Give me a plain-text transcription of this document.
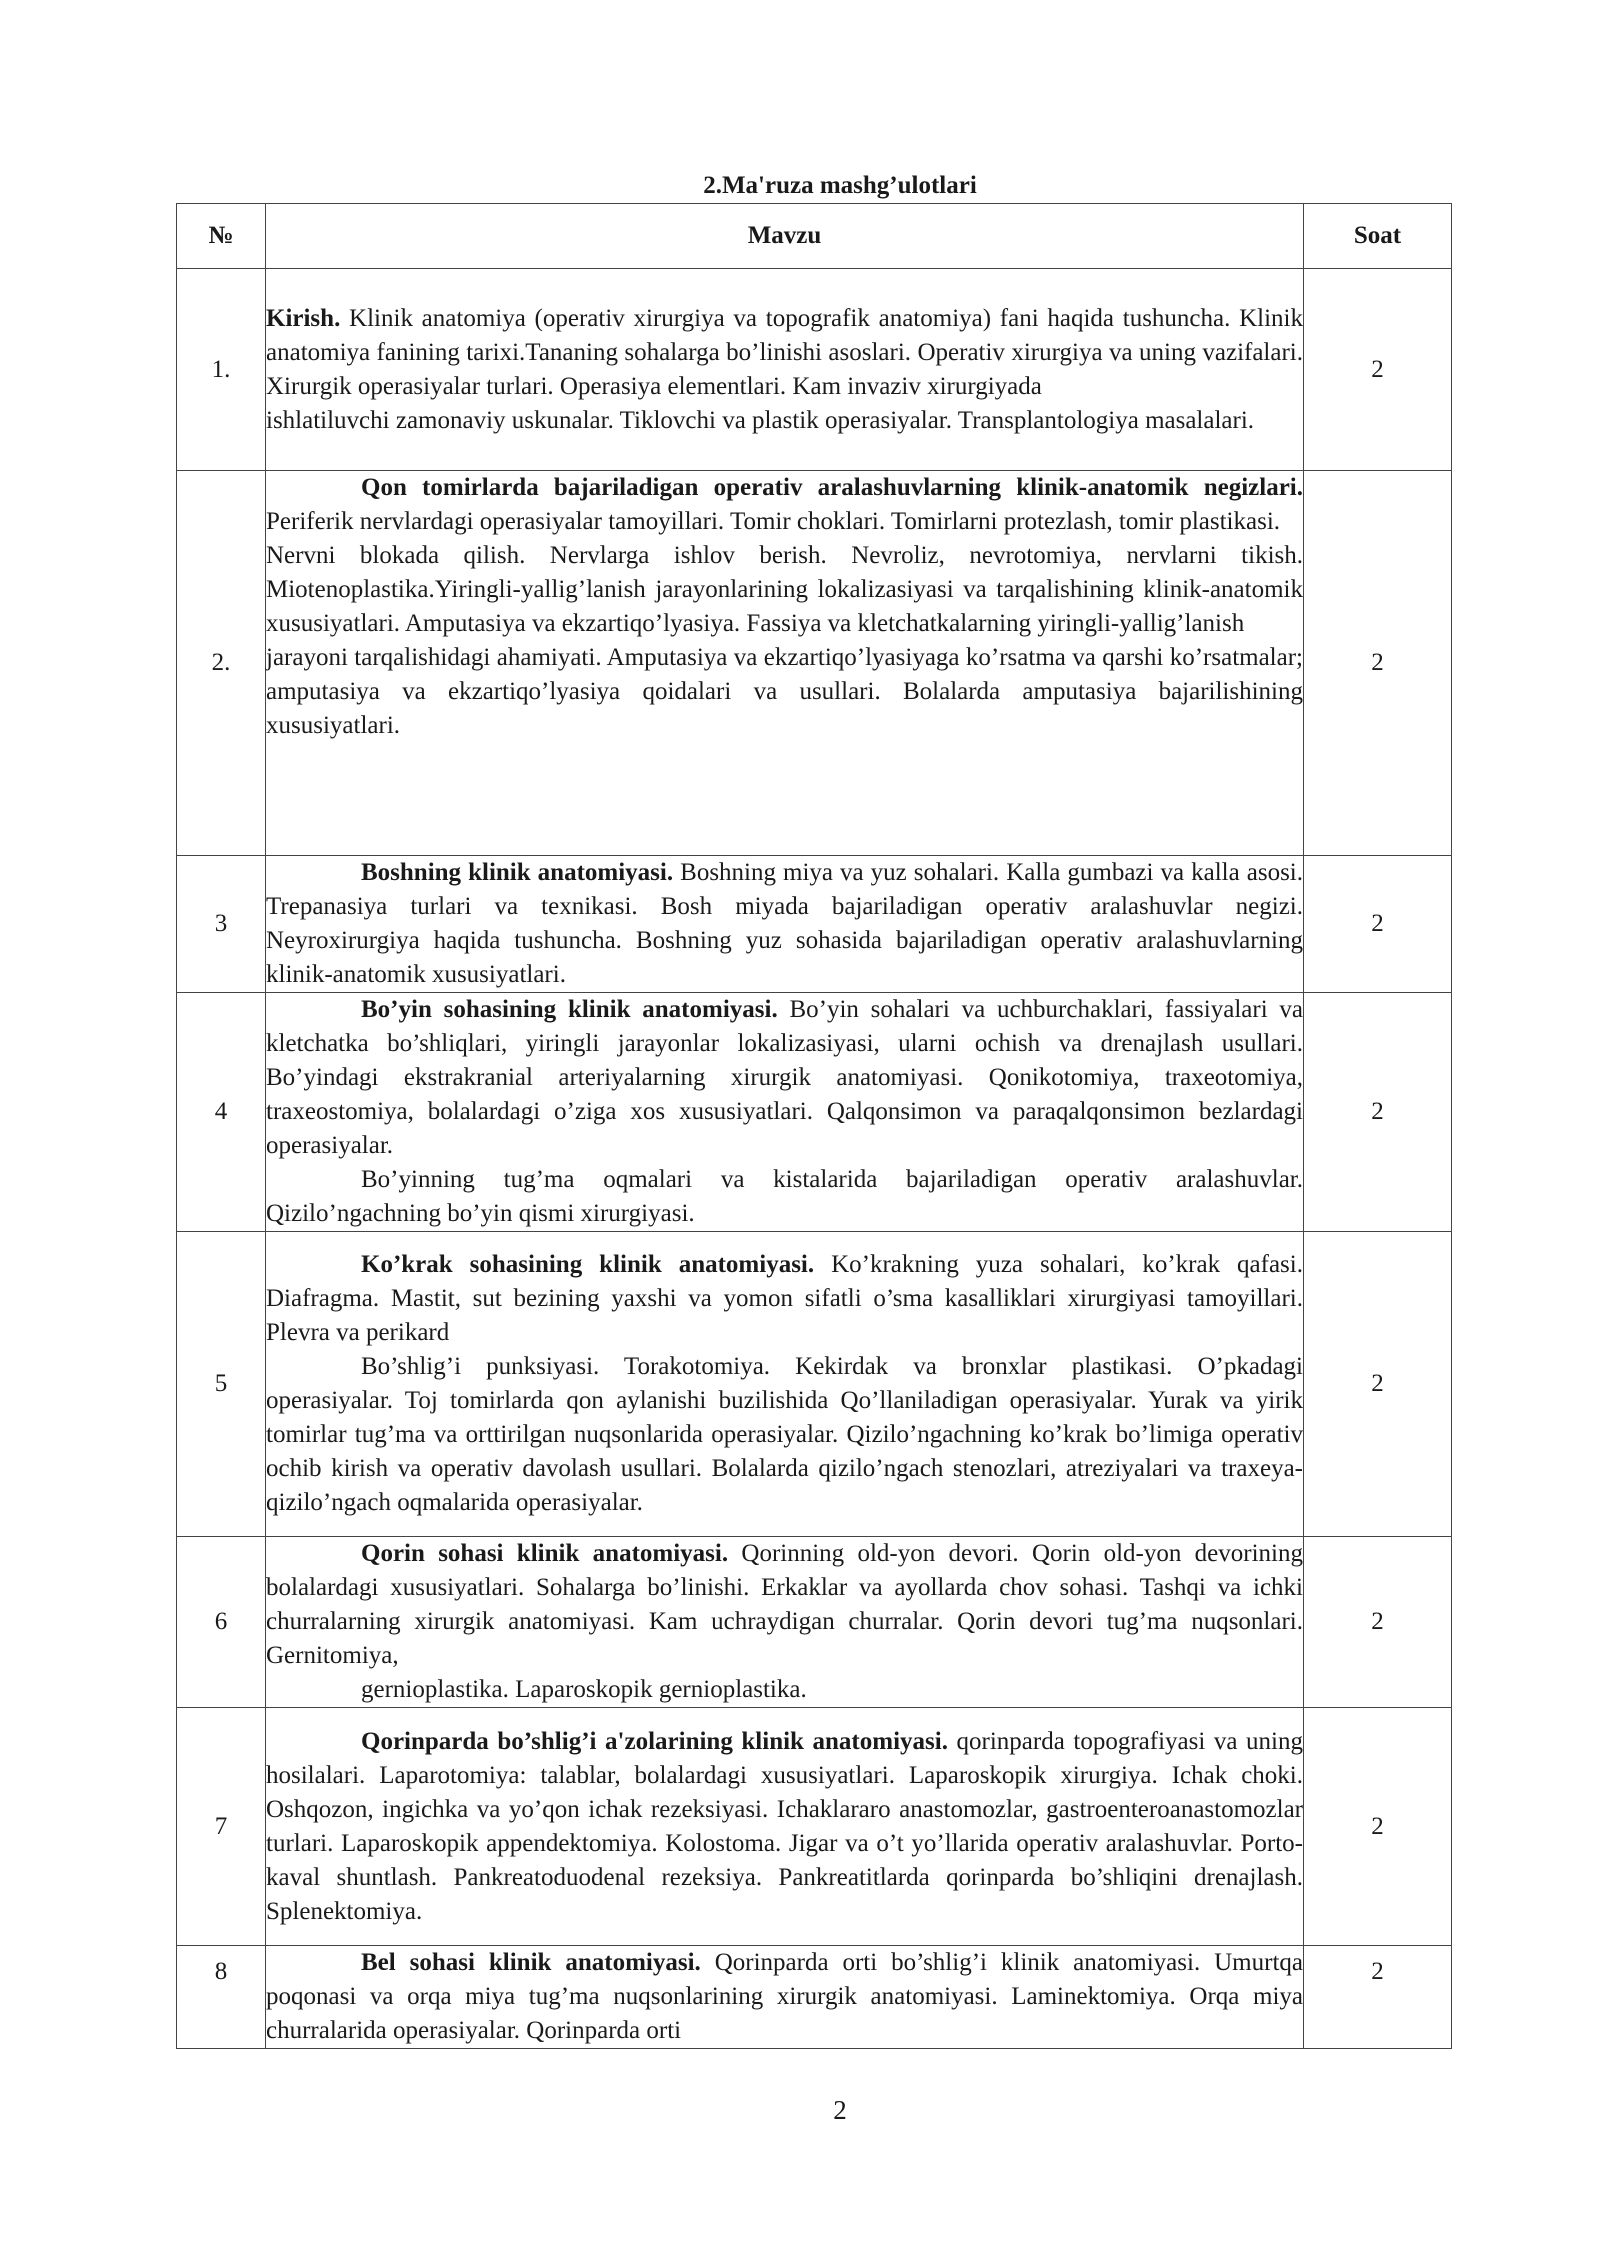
2.Ma'ruza mashg’ulotlari
№	Mavzu	Soat
1.	Kirish. Klinik anatomiya (operativ xirurgiya va topografik anatomiya) fani haqida tushuncha. Klinik anatomiya fanining tarixi.Tananing sohalarga bo’linishi asoslari. Operativ xirurgiya va uning vazifalari. Xirurgik operasiyalar turlari. Operasiya elementlari. Kam invaziv xirurgiyada

ishlatiluvchi zamonaviy uskunalar. Tiklovchi va plastik operasiyalar. Transplantologiya masalalari.	2
2.	Qon tomirlarda bajariladigan operativ aralashuvlarning klinik-anatomik negizlari. Periferik nervlardagi operasiyalar tamoyillari. Tomir choklari. Tomirlarni protezlash, tomir plastikasi.

Nervni blokada qilish. Nervlarga ishlov berish. Nevroliz, nevrotomiya, nervlarni tikish. Miotenoplastika.Yiringli-yallig’lanish jarayonlarining lokalizasiyasi va tarqalishining klinik-anatomik xususiyatlari. Amputasiya va ekzartiqo’lyasiya. Fassiya va kletchatkalarning yiringli-yallig’lanish

jarayoni tarqalishidagi ahamiyati. Amputasiya va ekzartiqo’lyasiyaga ko’rsatma va qarshi ko’rsatmalar; amputasiya va ekzartiqo’lyasiya qoidalari va usullari. Bolalarda amputasiya bajarilishining xususiyatlari.	2
3	Boshning klinik anatomiyasi. Boshning miya va yuz sohalari. Kalla gumbazi va kalla asosi. Trepanasiya turlari va texnikasi. Bosh miyada bajariladigan operativ aralashuvlar negizi. Neyroxirurgiya haqida tushuncha. Boshning yuz sohasida bajariladigan operativ aralashuvlarning klinik-anatomik xususiyatlari.	2
4	Bo’yin sohasining klinik anatomiyasi. Bo’yin sohalari va uchburchaklari, fassiyalari va kletchatka bo’shliqlari, yiringli jarayonlar lokalizasiyasi, ularni ochish va drenajlash usullari. Bo’yindagi ekstrakranial arteriyalarning xirurgik anatomiyasi. Qonikotomiya, traxeotomiya, traxeostomiya, bolalardagi o’ziga xos xususiyatlari. Qalqonsimon va paraqalqonsimon bezlardagi operasiyalar.

Bo’yinning tug’ma oqmalari va kistalarida bajariladigan operativ aralashuvlar. Qizilo’ngachning bo’yin qismi xirurgiyasi.	2
5	Ko’krak sohasining klinik anatomiyasi. Ko’krakning yuza sohalari, ko’krak qafasi. Diafragma. Mastit, sut bezining yaxshi va yomon sifatli o’sma kasalliklari xirurgiyasi tamoyillari. Plevra va perikard

Bo’shlig’i punksiyasi. Torakotomiya. Kekirdak va bronxlar plastikasi. O’pkadagi operasiyalar. Toj tomirlarda qon aylanishi buzilishida Qo’llaniladigan operasiyalar. Yurak va yirik tomirlar tug’ma va orttirilgan nuqsonlarida operasiyalar. Qizilo’ngachning ko’krak bo’limiga operativ ochib kirish va operativ davolash usullari. Bolalarda qizilo’ngach stenozlari, atreziyalari va traxeya-qizilo’ngach oqmalarida operasiyalar.	2
6	Qorin sohasi klinik anatomiyasi. Qorinning old-yon devori. Qorin old-yon devorining bolalardagi xususiyatlari. Sohalarga bo’linishi. Erkaklar va ayollarda chov sohasi. Tashqi va ichki churralarning xirurgik anatomiyasi. Kam uchraydigan churralar. Qorin devori tug’ma nuqsonlari. Gernitomiya,

gernioplastika. Laparoskopik gernioplastika.	2
7	Qorinparda bo’shlig’i a'zolarining klinik anatomiyasi. qorinparda topografiyasi va uning hosilalari. Laparotomiya: talablar, bolalardagi xususiyatlari. Laparoskopik xirurgiya. Ichak choki. Oshqozon, ingichka va yo’qon ichak rezeksiyasi. Ichaklararo anastomozlar, gastroenteroanastomozlar turlari. Laparoskopik appendektomiya. Kolostoma. Jigar va o’t yo’llarida operativ aralashuvlar. Porto-kaval shuntlash. Pankreatoduodenal rezeksiya. Pankreatitlarda qorinparda bo’shliqini drenajlash. Splenektomiya.	2
8	Bel sohasi klinik anatomiyasi. Qorinparda orti bo’shlig’i klinik anatomiyasi. Umurtqa poqonasi va orqa miya tug’ma nuqsonlarining xirurgik anatomiyasi. Laminektomiya. Orqa miya churralarida operasiyalar. Qorinparda orti	2
2
